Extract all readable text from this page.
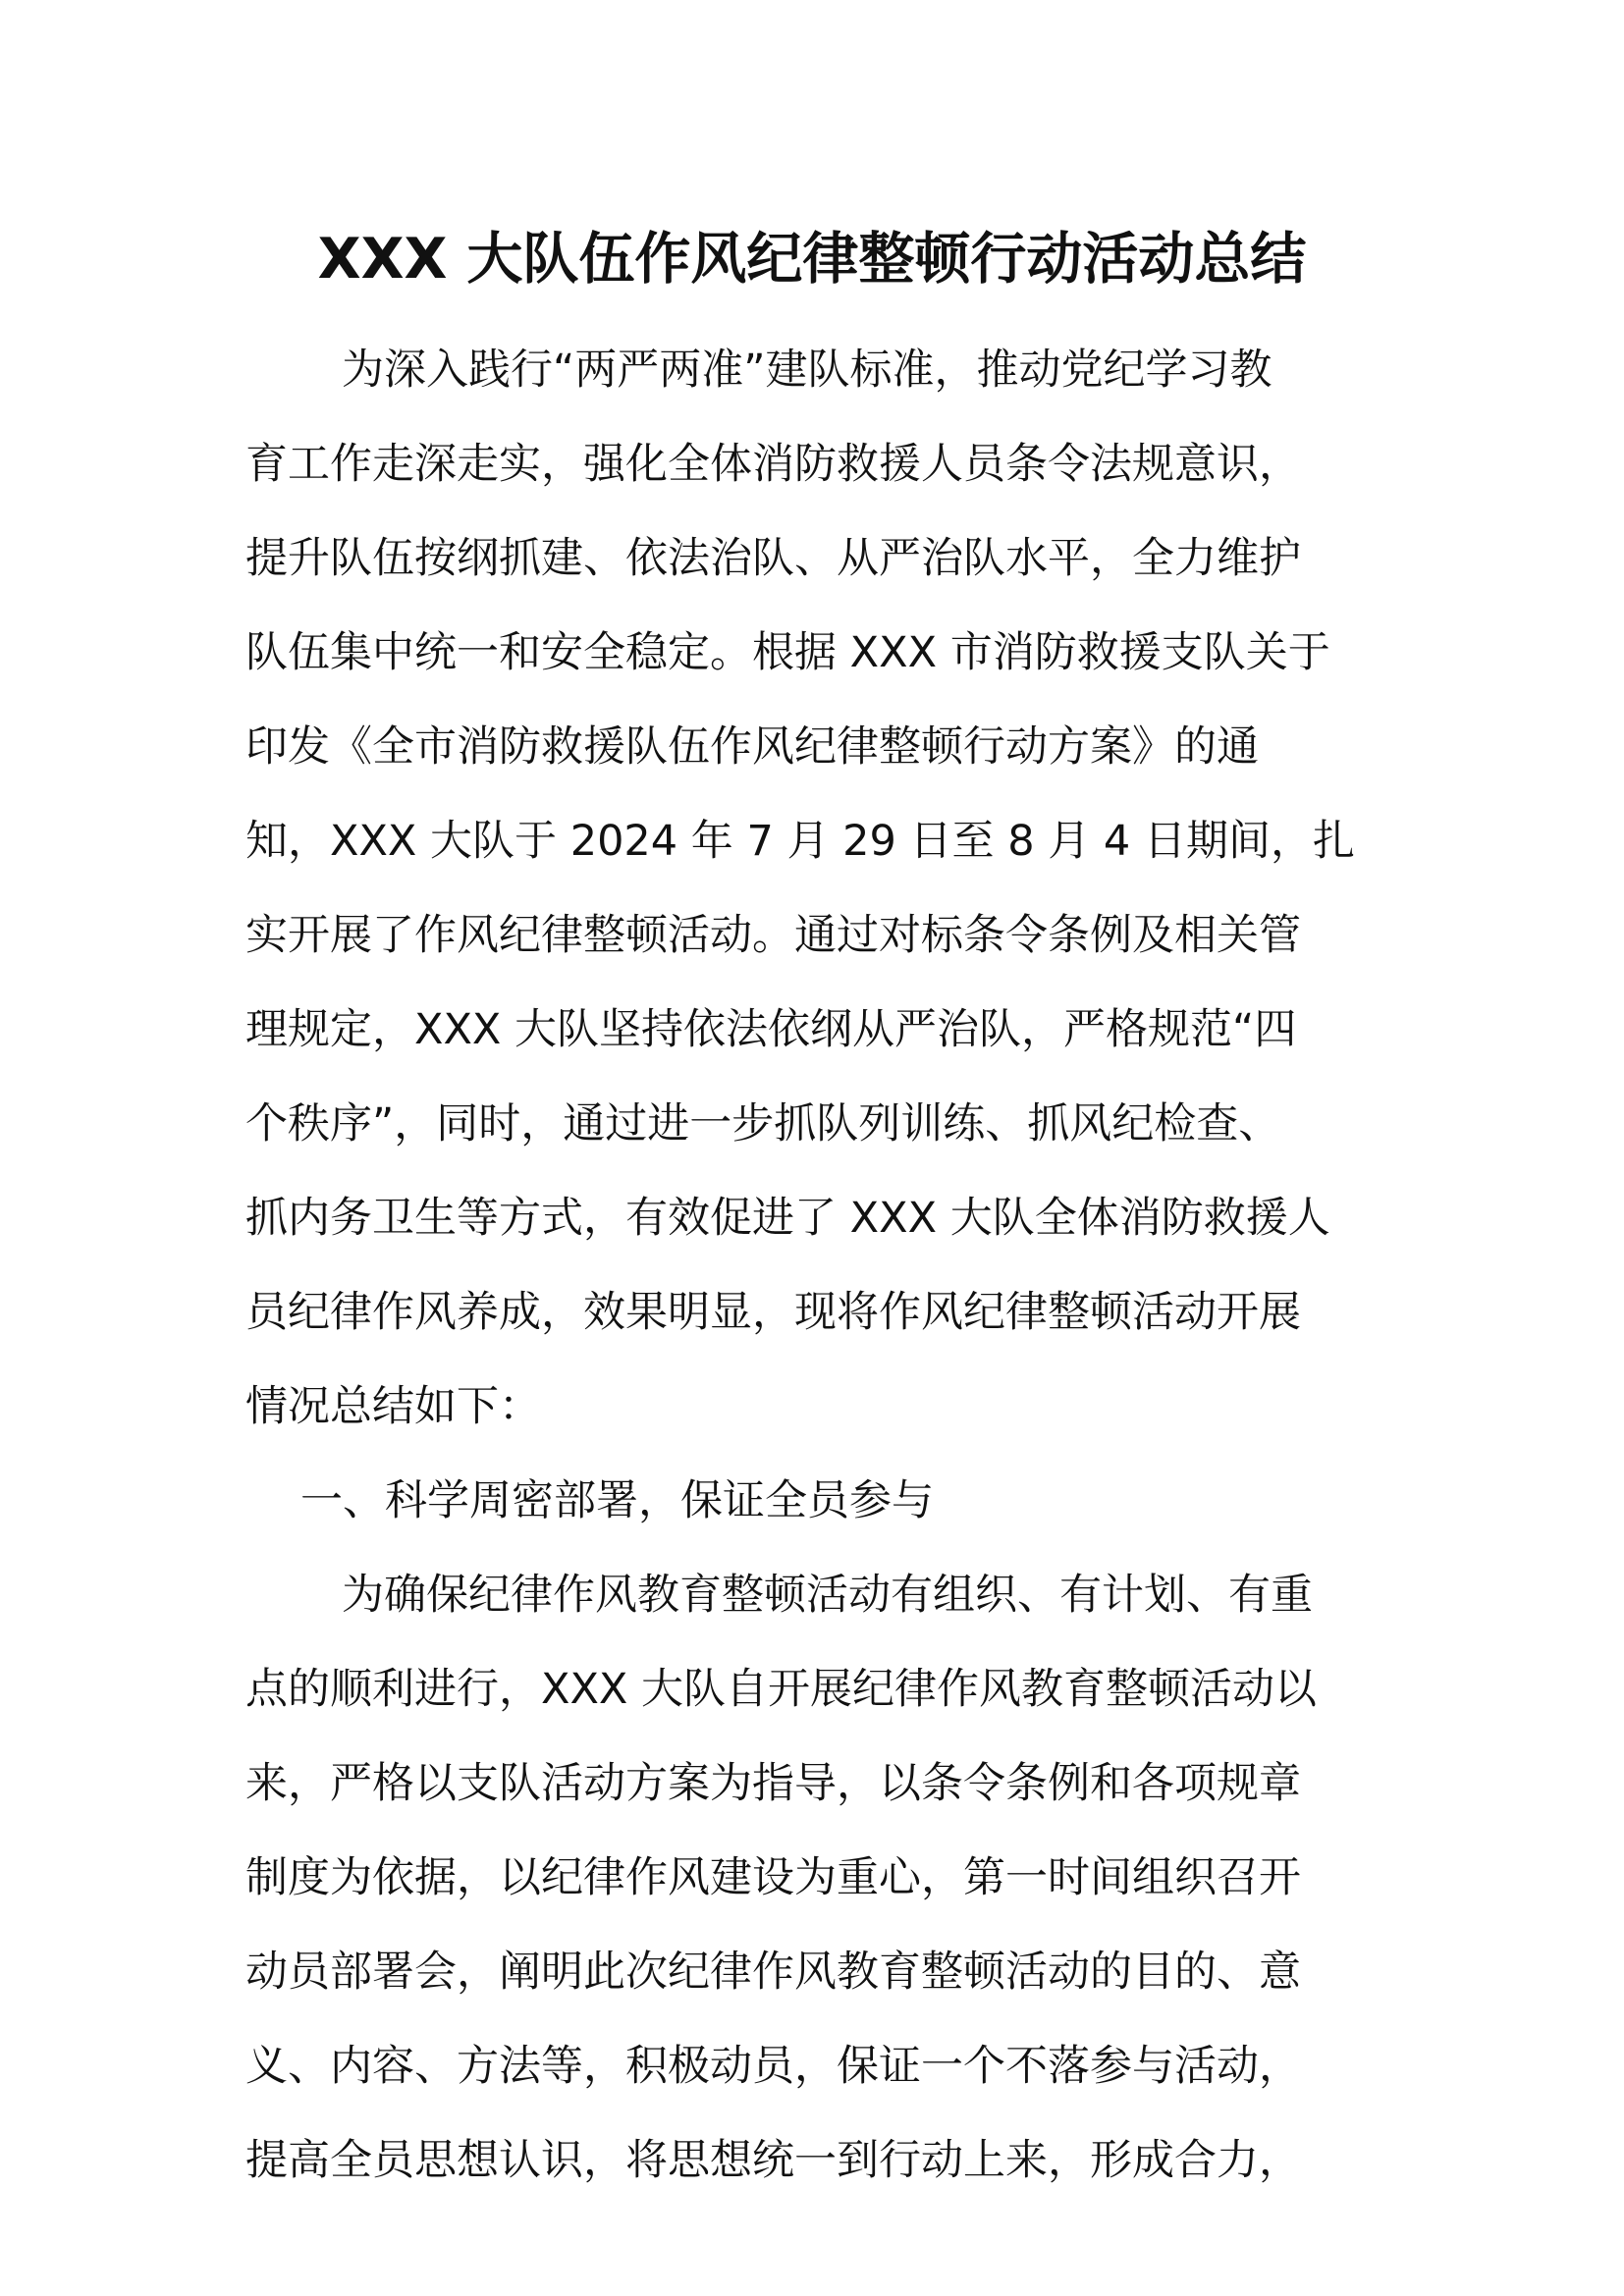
XXX 大队伍作风纪律整顿行动活动总结

为深入践行“两严两准”建队标准，推动党纪学习教

育工作走深走实，强化全体消防救援人员条令法规意识，

提升队伍按纲抓建、依法治队、从严治队水平，全力维护

队伍集中统一和安全稳定。根据 XXX 市消防救援支队关于

印发《全市消防救援队伍作风纪律整顿行动方案》的通

知，XXX 大队于 2024 年 7 月 29 日至 8 月 4 日期间，扎

实开展了作风纪律整顿活动。通过对标条令条例及相关管

理规定，XXX 大队坚持依法依纲从严治队，严格规范“四

个秩序”，同时，通过进一步抓队列训练、抓风纪检查、

抓内务卫生等方式，有效促进了 XXX 大队全体消防救援人

员纪律作风养成，效果明显，现将作风纪律整顿活动开展

情况总结如下：

一、科学周密部署，保证全员参与

为确保纪律作风教育整顿活动有组织、有计划、有重

点的顺利进行，XXX 大队自开展纪律作风教育整顿活动以

来，严格以支队活动方案为指导，以条令条例和各项规章

制度为依据，以纪律作风建设为重心，第一时间组织召开

动员部署会，阐明此次纪律作风教育整顿活动的目的、意

义、内容、方法等，积极动员，保证一个不落参与活动，

提高全员思想认识，将思想统一到行动上来，形成合力，
